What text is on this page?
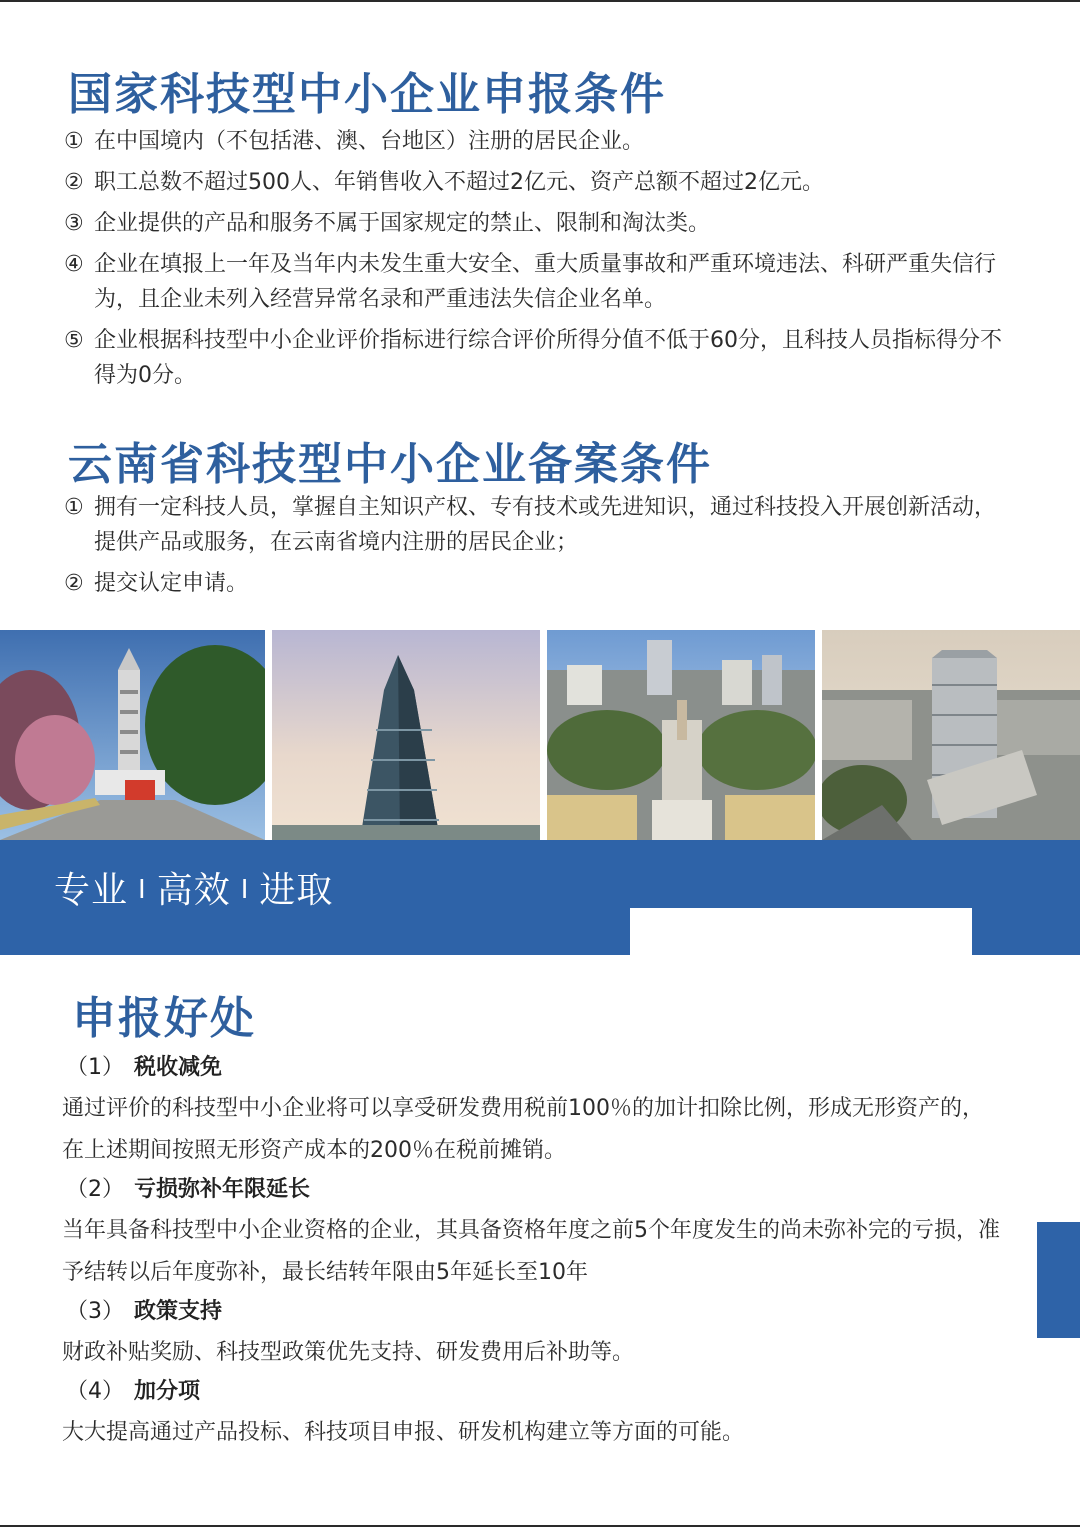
国家科技型中小企业申报条件
① 在中国境内（不包括港、澳、台地区）注册的居民企业。
② 职工总数不超过500人、年销售收入不超过2亿元、资产总额不超过2亿元。
③ 企业提供的产品和服务不属于国家规定的禁止、限制和淘汰类。
④ 企业在填报上一年及当年内未发生重大安全、重大质量事故和严重环境违法、科研严重失信行为，且企业未列入经营异常名录和严重违法失信企业名单。
⑤ 企业根据科技型中小企业评价指标进行综合评价所得分值不低于60分，且科技人员指标得分不得为0分。
云南省科技型中小企业备案条件
① 拥有一定科技人员，掌握自主知识产权、专有技术或先进知识，通过科技投入开展创新活动，提供产品或服务，在云南省境内注册的居民企业；
② 提交认定申请。
专业 I 高效 I 进取
申报好处
（1） 税收减免
通过评价的科技型中小企业将可以享受研发费用税前100％的加计扣除比例，形成无形资产的，在上述期间按照无形资产成本的200％在税前摊销。
（2） 亏损弥补年限延长
当年具备科技型中小企业资格的企业，其具备资格年度之前5个年度发生的尚未弥补完的亏损，准予结转以后年度弥补，最长结转年限由5年延长至10年
（3） 政策支持
财政补贴奖励、科技型政策优先支持、研发费用后补助等。
（4） 加分项
大大提高通过产品投标、科技项目申报、研发机构建立等方面的可能。
